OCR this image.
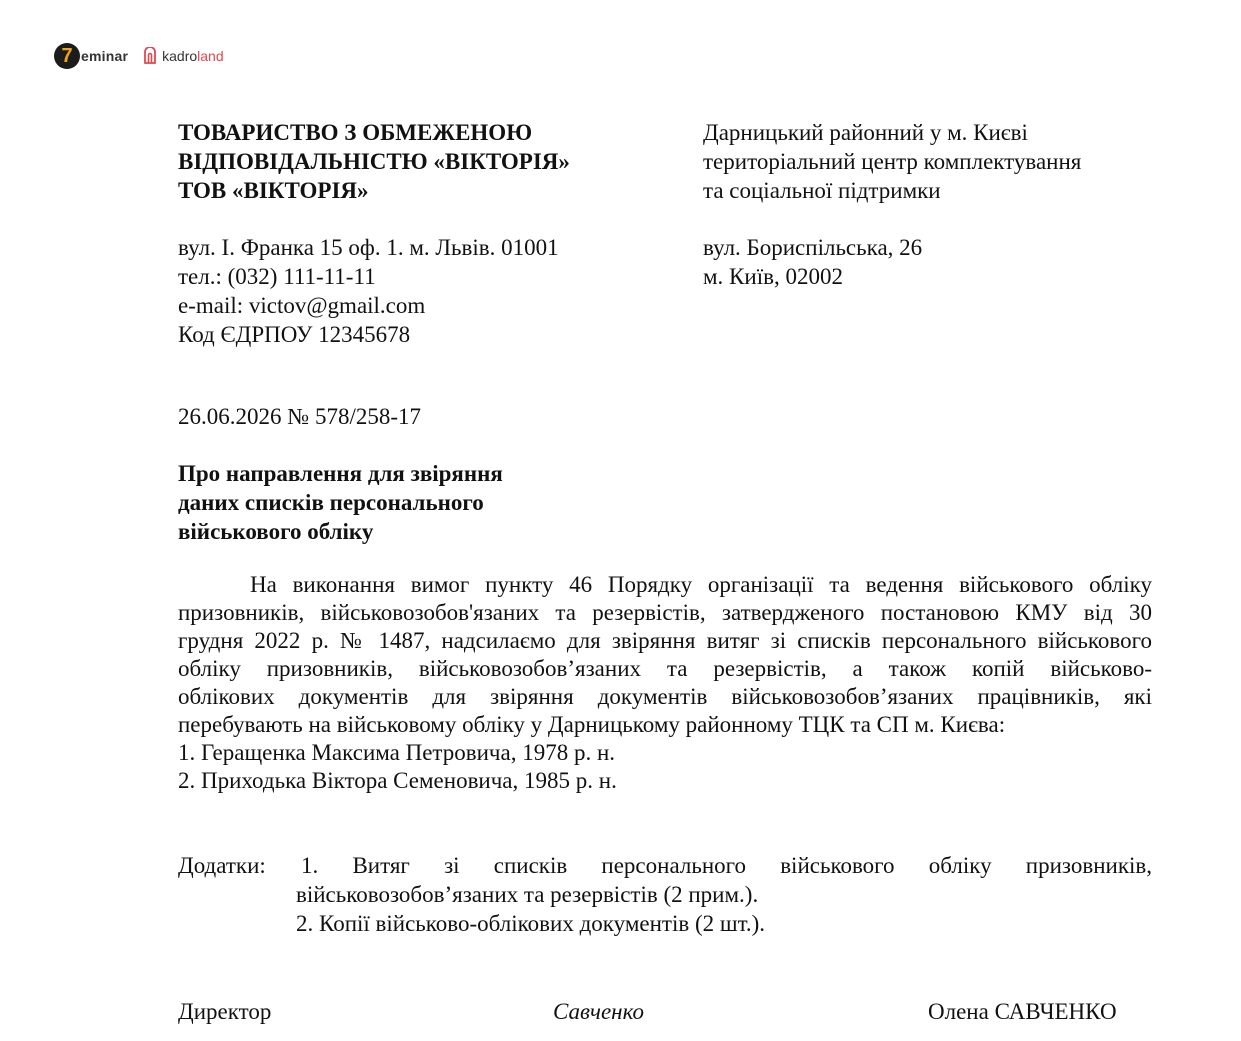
7
eminar kadroland
ТОВАРИСТВО З ОБМЕЖЕНОЮ
ВІДПОВІДАЛЬНІСТЮ «ВІКТОРІЯ»
ТОВ «ВІКТОРІЯ»
Дарницький районний у м. Києві
територіальний центр комплектування
та соціальної підтримки
вул. І. Франка 15 оф. 1. м. Львів. 01001
тел.: (032) 111-11-11
e-mail: victov@gmail.com
Код ЄДРПОУ 12345678
вул. Бориспільська, 26
м. Київ, 02002
26.06.2026 № 578/258-17
Про направлення для звіряння
даних списків персонального
військового обліку
На виконання вимог пункту 46 Порядку організації та ведення військового обліку
призовників, військовозобов'язаних та резервістів, затвердженого постановою КМУ від 30
грудня 2022 р. № 1487, надсилаємо для звіряння витяг зі списків персонального військового
обліку призовників, військовозобов’язаних та резервістів, а також копій військово-
облікових документів для звіряння документів військовозобов’язаних працівників, які
перебувають на військовому обліку у Дарницькому районному ТЦК та СП м. Києва:
1. Геращенка Максима Петровича, 1978 р. н.
2. Приходька Віктора Семеновича, 1985 р. н.
Додатки: 1. Витяг зі списків персонального військового обліку призовників,
військовозобов’язаних та резервістів (2 прим.).
2. Копії військово-облікових документів (2 шт.).
Директор	Савченко	Олена САВЧЕНКО
